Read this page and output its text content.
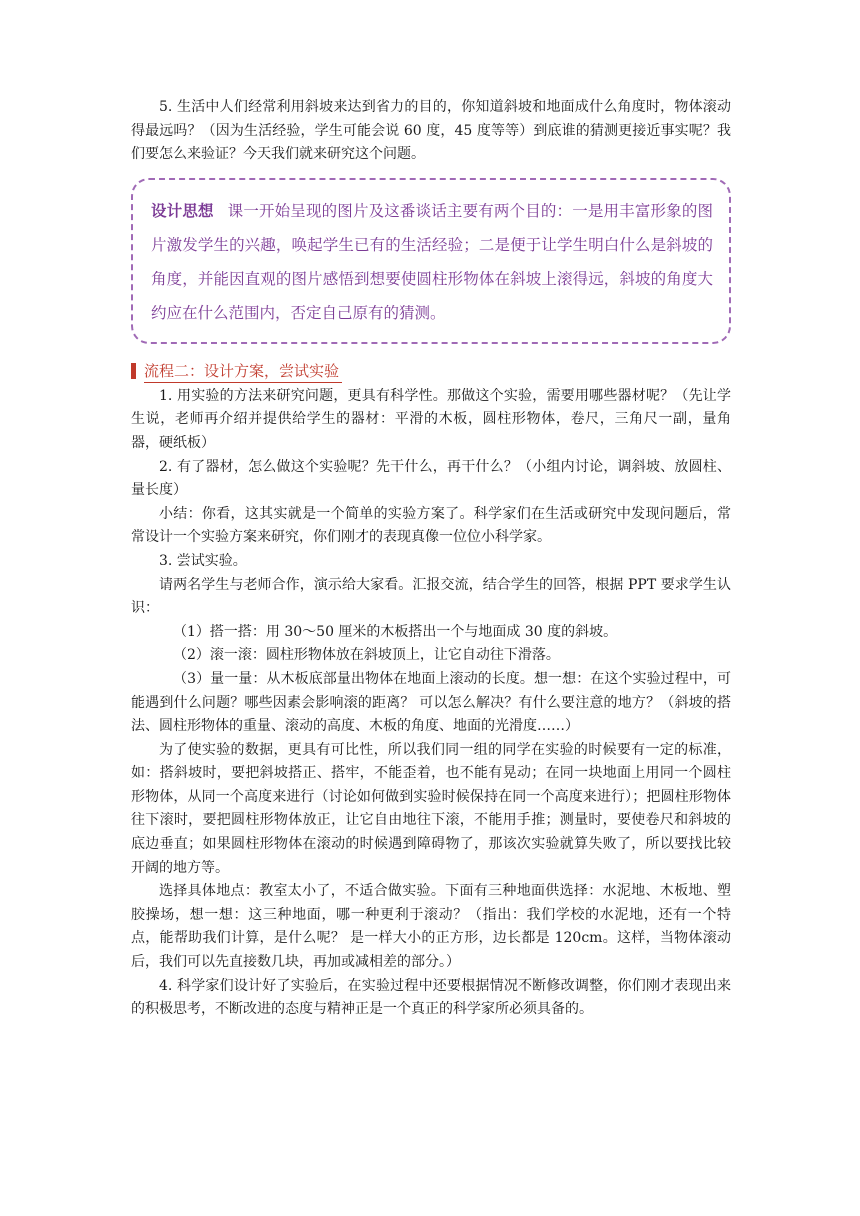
5. 生活中人们经常利用斜坡来达到省力的目的，你知道斜坡和地面成什么角度时，物体滚动得最远吗？（因为生活经验，学生可能会说 60 度，45 度等等）到底谁的猜测更接近事实呢？我们要怎么来验证？今天我们就来研究这个问题。

设计思想 课一开始呈现的图片及这番谈话主要有两个目的：一是用丰富形象的图片激发学生的兴趣，唤起学生已有的生活经验；二是便于让学生明白什么是斜坡的角度，并能因直观的图片感悟到想要使圆柱形物体在斜坡上滚得远，斜坡的角度大约应在什么范围内，否定自己原有的猜测。
流程二：设计方案，尝试实验

1. 用实验的方法来研究问题，更具有科学性。那做这个实验，需要用哪些器材呢？（先让学生说，老师再介绍并提供给学生的器材：平滑的木板，圆柱形物体，卷尺，三角尺一副，量角器，硬纸板）

2. 有了器材，怎么做这个实验呢？先干什么，再干什么？（小组内讨论，调斜坡、放圆柱、量长度）

小结：你看，这其实就是一个简单的实验方案了。科学家们在生活或研究中发现问题后，常常设计一个实验方案来研究，你们刚才的表现真像一位位小科学家。

3. 尝试实验。

请两名学生与老师合作，演示给大家看。汇报交流，结合学生的回答，根据 PPT 要求学生认识：

（1）搭一搭：用 30～50 厘米的木板搭出一个与地面成 30 度的斜坡。

（2）滚一滚：圆柱形物体放在斜坡顶上，让它自动往下滑落。

（3）量一量：从木板底部量出物体在地面上滚动的长度。想一想：在这个实验过程中，可能遇到什么问题？哪些因素会影响滚的距离？ 可以怎么解决？有什么要注意的地方？（斜坡的搭法、圆柱形物体的重量、滚动的高度、木板的角度、地面的光滑度……）

为了使实验的数据，更具有可比性，所以我们同一组的同学在实验的时候要有一定的标准，如：搭斜坡时，要把斜坡搭正、搭牢，不能歪着，也不能有晃动；在同一块地面上用同一个圆柱形物体，从同一个高度来进行（讨论如何做到实验时候保持在同一个高度来进行）；把圆柱形物体往下滚时，要把圆柱形物体放正，让它自由地往下滚，不能用手推；测量时，要使卷尺和斜坡的底边垂直；如果圆柱形物体在滚动的时候遇到障碍物了，那该次实验就算失败了，所以要找比较开阔的地方等。

选择具体地点：教室太小了，不适合做实验。下面有三种地面供选择：水泥地、木板地、塑胶操场，想一想：这三种地面，哪一种更利于滚动？（指出：我们学校的水泥地，还有一个特点，能帮助我们计算，是什么呢？ 是一样大小的正方形，边长都是 120cm。这样，当物体滚动后，我们可以先直接数几块，再加或减相差的部分。）

4. 科学家们设计好了实验后，在实验过程中还要根据情况不断修改调整，你们刚才表现出来的积极思考，不断改进的态度与精神正是一个真正的科学家所必须具备的。
